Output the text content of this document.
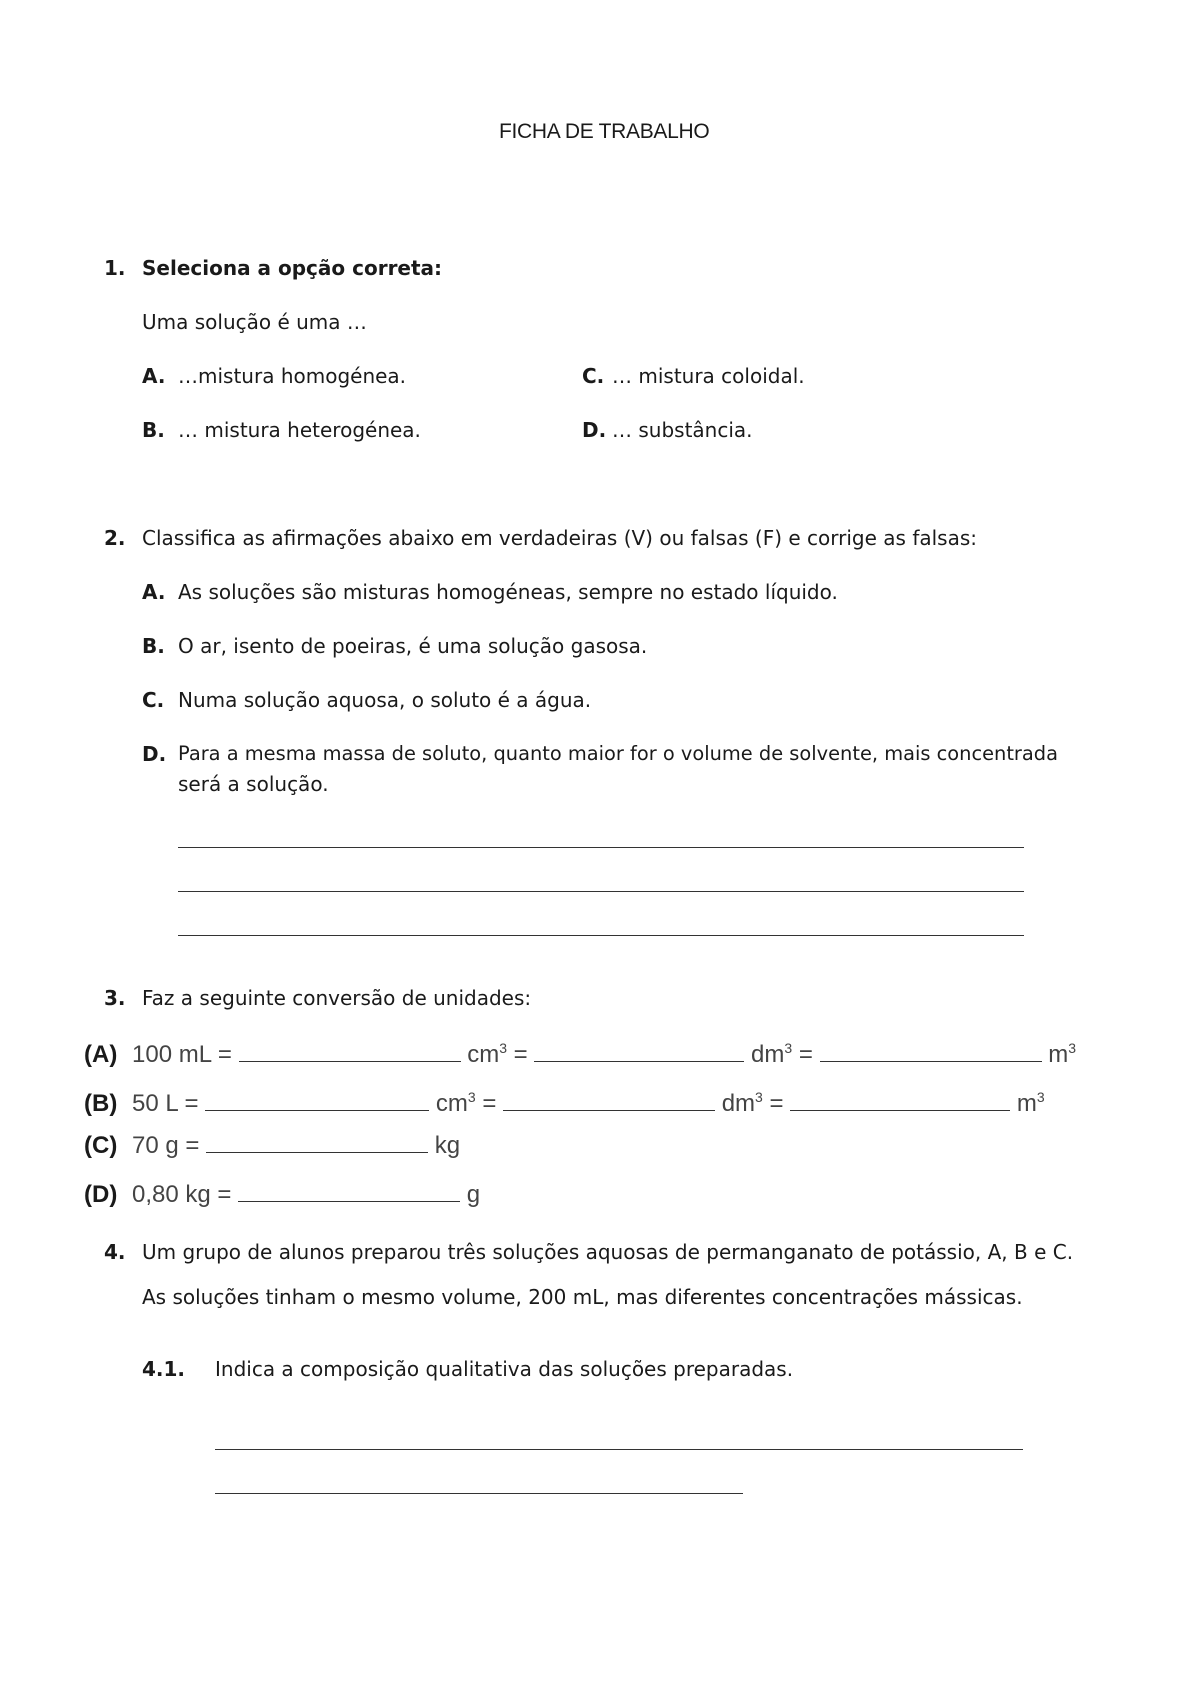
FICHA DE TRABALHO
1. Seleciona a opção correta:
Uma solução é uma …
A. …mistura homogénea.
B. … mistura heterogénea.
C. … mistura coloidal.
D. … substância.
2. Classifica as afirmações abaixo em verdadeiras (V) ou falsas (F) e corrige as falsas:
A. As soluções são misturas homogéneas, sempre no estado líquido.
B. O ar, isento de poeiras, é uma solução gasosa.
C. Numa solução aquosa, o soluto é a água.
D. Para a mesma massa de soluto, quanto maior for o volume de solvente, mais concentrada
será a solução.
3. Faz a seguinte conversão de unidades:
(A) 100 mL =	$cm^3$ =	$dm^3$ =	$m^3$
(B) 50 L =	$cm^3$ =	$dm^3$ =	$m^3$
(C) 70 g =	kg
(D) 0,80 kg =	g
4. Um grupo de alunos preparou três soluções aquosas de permanganato de potássio, A, B e C.
As soluções tinham o mesmo volume, 200 mL, mas diferentes concentrações mássicas.
4.1. Indica a composição qualitativa das soluções preparadas.
